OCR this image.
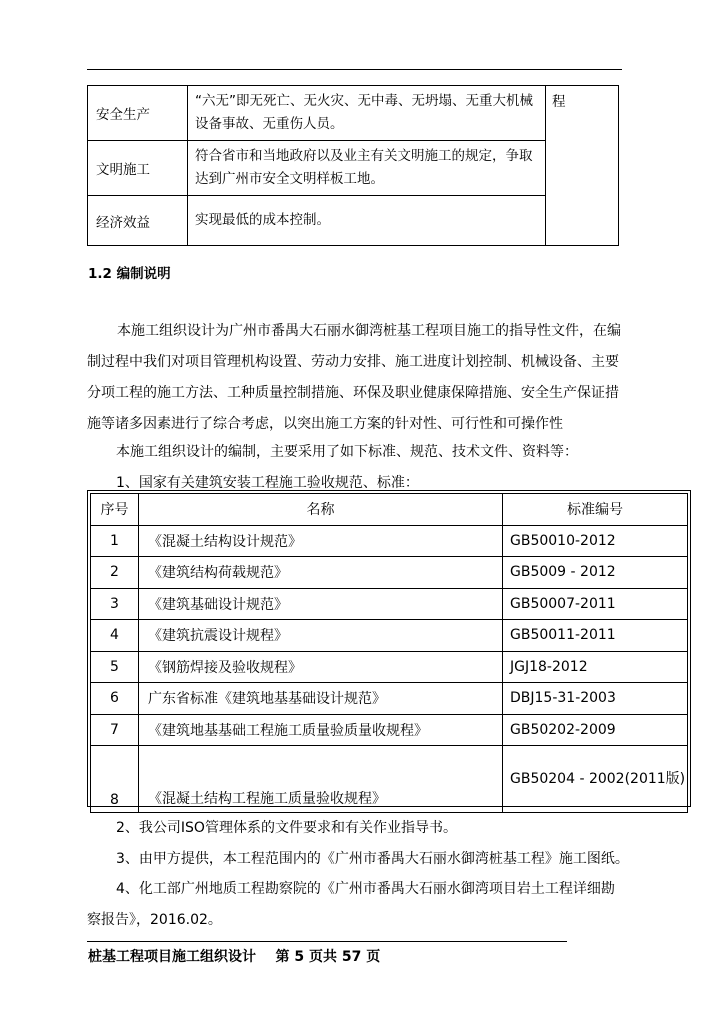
安全生产	“六无”即无死亡、无火灾、无中毒、无坍塌、无重大机械设备事故、无重伤人员。	程
文明施工	符合省市和当地政府以及业主有关文明施工的规定，争取达到广州市安全文明样板工地。	
经济效益	实现最低的成本控制。	
1.2 编制说明
本施工组织设计为广州市番禺大石丽水御湾桩基工程项目施工的指导性文件，在编制过程中我们对项目管理机构设置、劳动力安排、施工进度计划控制、机械设备、主要分项工程的施工方法、工种质量控制措施、环保及职业健康保障措施、安全生产保证措施等诸多因素进行了综合考虑，以突出施工方案的针对性、可行性和可操作性
本施工组织设计的编制，主要采用了如下标准、规范、技术文件、资料等：
1、国家有关建筑安装工程施工验收规范、标准：
序号	名称	标准编号
1	《混凝土结构设计规范》	GB50010-2012
2	《建筑结构荷载规范》	GB5009 - 2012
3	《建筑基础设计规范》	GB50007-2011
4	《建筑抗震设计规程》	GB50011-2011
5	《钢筋焊接及验收规程》	JGJ18-2012
6	广东省标准《建筑地基基础设计规范》	DBJ15-31-2003
7	《建筑地基基础工程施工质量验质量收规程》	GB50202-2009
8	《混凝土结构工程施工质量验收规程》	GB50204 - 2002(2011版)
2、我公司ISO管理体系的文件要求和有关作业指导书。
3、由甲方提供，本工程范围内的《广州市番禺大石丽水御湾桩基工程》施工图纸。
4、化工部广州地质工程勘察院的《广州市番禺大石丽水御湾项目岩土工程详细勘察报告》，2016.02。
桩基工程项目施工组织设计    第 5 页共 57 页
